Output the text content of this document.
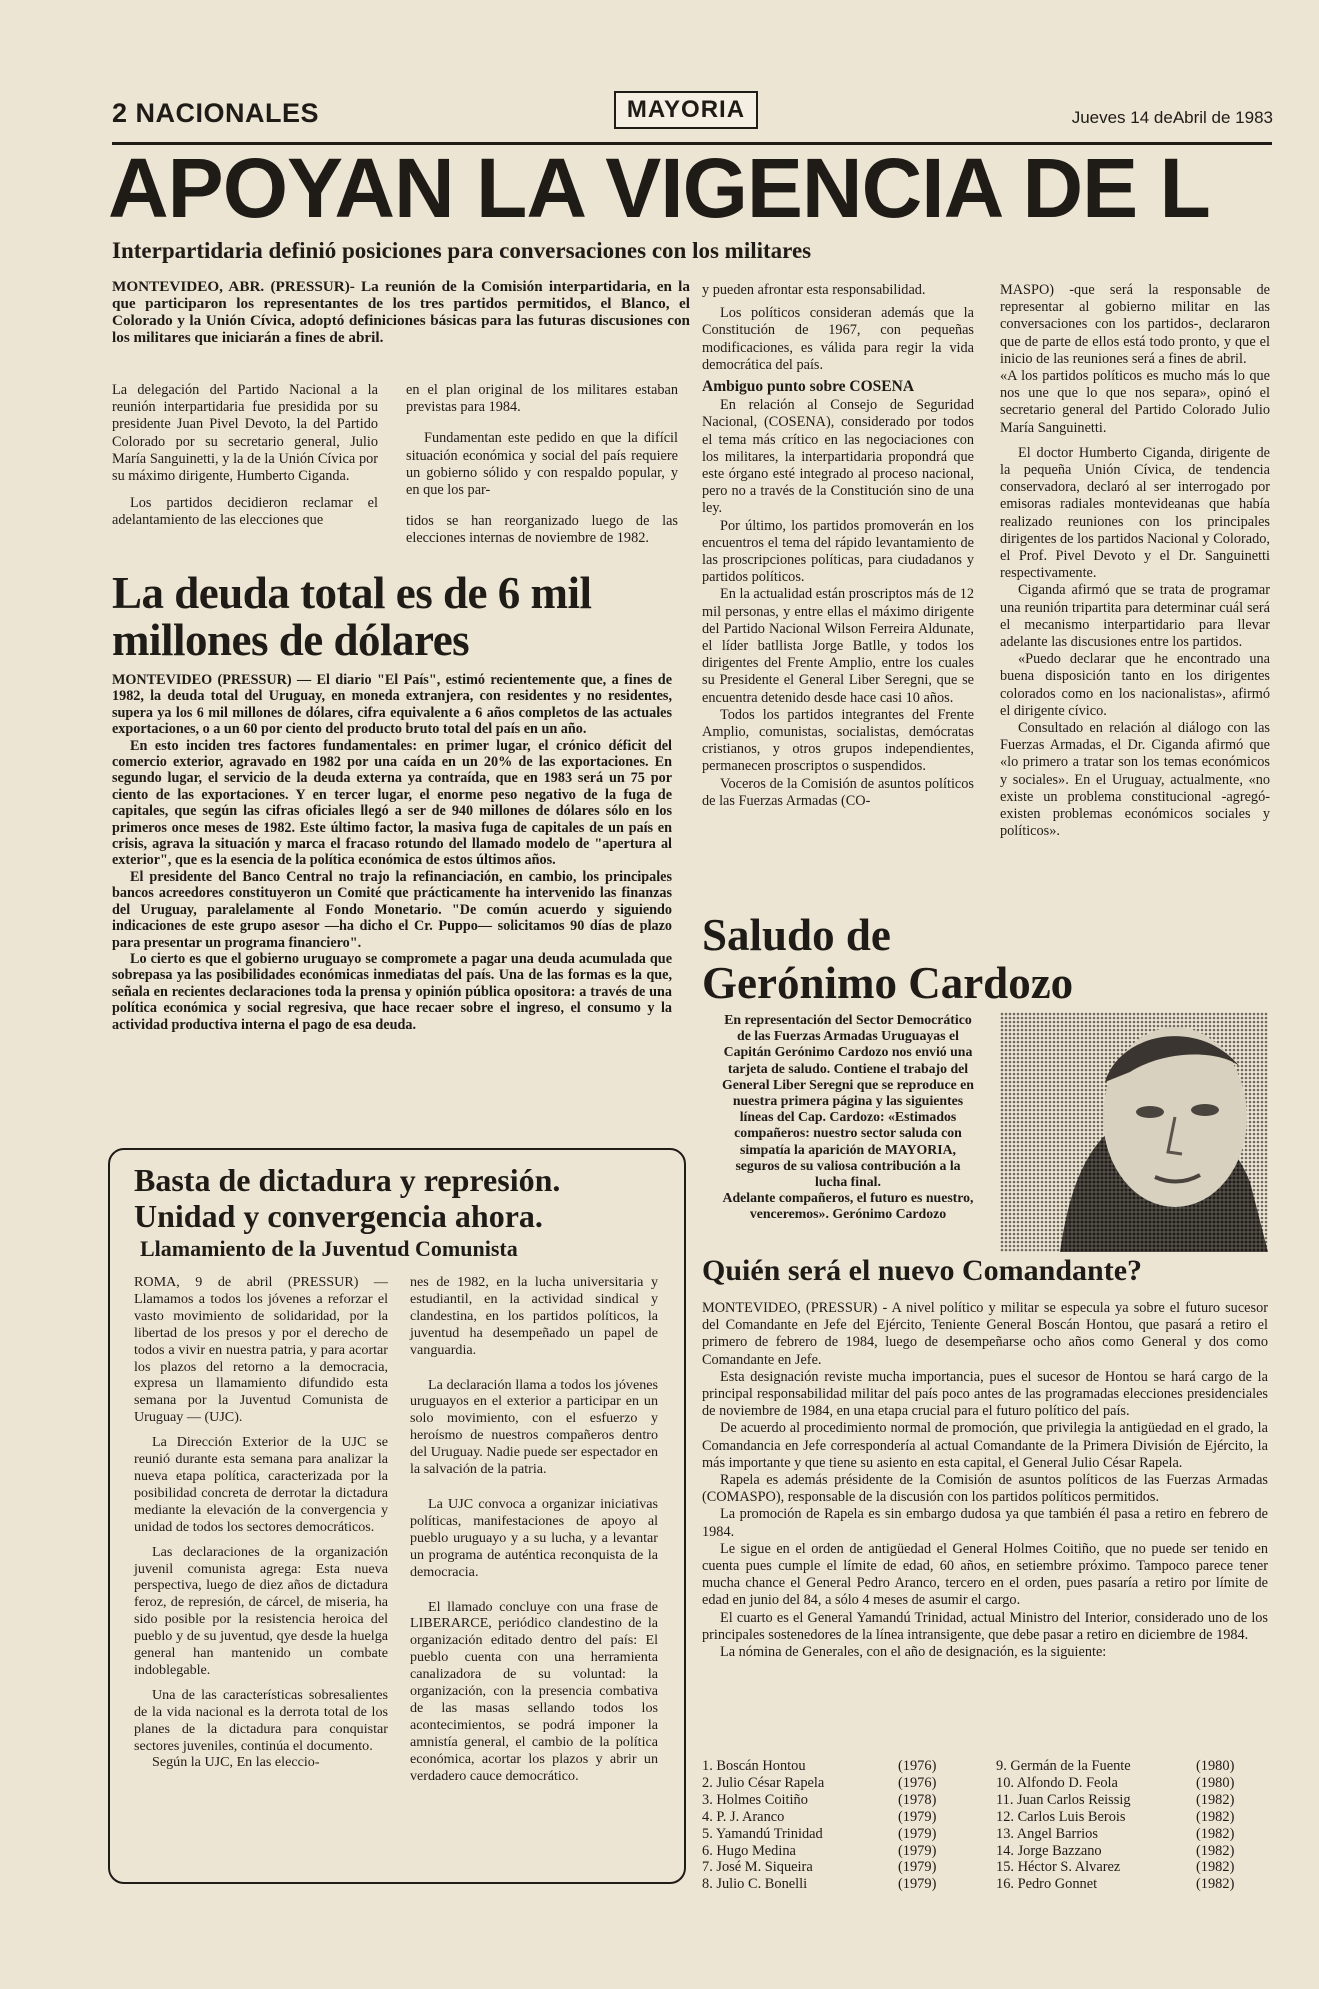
2 NACIONALES	MAYORIA	Jueves 14 deAbril de 1983
APOYAN LA VIGENCIA DE L
Interpartidaria definió posiciones para conversaciones con los militares
MONTEVIDEO, ABR. (PRESSUR)- La reunión de la Comisión interpartidaria, en la que participaron los representantes de los tres partidos permitidos, el Blanco, el Colorado y la Unión Cívica, adoptó definiciones básicas para las futuras discusiones con los militares que iniciarán a fines de abril.

La delegación del Partido Nacional a la reunión interpartidaria fue presidida por su presidente Juan Pivel Devoto, la del Partido Colorado por su secretario general, Julio María Sanguinetti, y la de la Unión Cívica por su máximo dirigente, Humberto Ciganda.

Los partidos decidieron reclamar el adelantamiento de las elecciones que

en el plan original de los militares estaban previstas para 1984.

Fundamentan este pedido en que la difícil situación económica y social del país requiere un gobierno sólido y con respaldo popular, y en que los par-

tidos se han reorganizado luego de las elecciones internas de noviembre de 1982.

y pueden afrontar esta responsabilidad.

Los políticos consideran además que la Constitución de 1967, con pequeñas modificaciones, es válida para regir la vida democrática del país.

Ambiguo punto sobre COSENA

En relación al Consejo de Seguridad Nacional, (COSENA), considerado por todos el tema más crítico en las negociaciones con los militares, la interpartidaria propondrá que este órgano esté integrado al proceso nacional, pero no a través de la Constitución sino de una ley.

Por último, los partidos promoverán en los encuentros el tema del rápido levantamiento de las proscripciones políticas, para ciudadanos y partidos políticos.

En la actualidad están proscriptos más de 12 mil personas, y entre ellas el máximo dirigente del Partido Nacional Wilson Ferreira Aldunate, el líder batllista Jorge Batlle, y todos los dirigentes del Frente Amplio, entre los cuales su Presidente el General Liber Seregni, que se encuentra detenido desde hace casi 10 años.

Todos los partidos integrantes del Frente Amplio, comunistas, socialistas, demócratas cristianos, y otros grupos independientes, permanecen proscriptos o suspendidos.

Voceros de la Comisión de asuntos políticos de las Fuerzas Armadas (CO-

MASPO) -que será la responsable de representar al gobierno militar en las conversaciones con los partidos-, declararon que de parte de ellos está todo pronto, y que el inicio de las reuniones será a fines de abril.

«A los partidos políticos es mucho más lo que nos une que lo que nos separa», opinó el secretario general del Partido Colorado Julio María Sanguinetti.

El doctor Humberto Ciganda, dirigente de la pequeña Unión Cívica, de tendencia conservadora, declaró al ser interrogado por emisoras radiales montevideanas que había realizado reuniones con los principales dirigentes de los partidos Nacional y Colorado, el Prof. Pivel Devoto y el Dr. Sanguinetti respectivamente.

Ciganda afirmó que se trata de programar una reunión tripartita para determinar cuál será el mecanismo interpartidario para llevar adelante las discusiones entre los partidos.

«Puedo declarar que he encontrado una buena disposición tanto en los dirigentes colorados como en los nacionalistas», afirmó el dirigente cívico.

Consultado en relación al diálogo con las Fuerzas Armadas, el Dr. Ciganda afirmó que «lo primero a tratar son los temas económicos y sociales». En el Uruguay, actualmente, «no existe un problema constitucional -agregó- existen problemas económicos sociales y políticos».

La deuda total es de 6 mil millones de dólares

MONTEVIDEO (PRESSUR) — El diario "El País", estimó recientemente que, a fines de 1982, la deuda total del Uruguay, en moneda extranjera, con residentes y no residentes, supera ya los 6 mil millones de dólares, cifra equivalente a 6 años completos de las actuales exportaciones, o a un 60 por ciento del producto bruto total del país en un año.

En esto inciden tres factores fundamentales: en primer lugar, el crónico déficit del comercio exterior, agravado en 1982 por una caída en un 20% de las exportaciones. En segundo lugar, el servicio de la deuda externa ya contraída, que en 1983 será un 75 por ciento de las exportaciones. Y en tercer lugar, el enorme peso negativo de la fuga de capitales, que según las cifras oficiales llegó a ser de 940 millones de dólares sólo en los primeros once meses de 1982. Este último factor, la masiva fuga de capitales de un país en crisis, agrava la situación y marca el fracaso rotundo del llamado modelo de "apertura al exterior", que es la esencia de la política económica de estos últimos años.

El presidente del Banco Central no trajo la refinanciación, en cambio, los principales bancos acreedores constituyeron un Comité que prácticamente ha intervenido las finanzas del Uruguay, paralelamente al Fondo Monetario. "De común acuerdo y siguiendo indicaciones de este grupo asesor —ha dicho el Cr. Puppo— solicitamos 90 días de plazo para presentar un programa financiero".

Lo cierto es que el gobierno uruguayo se compromete a pagar una deuda acumulada que sobrepasa ya las posibilidades económicas inmediatas del país. Una de las formas es la que, señala en recientes declaraciones toda la prensa y opinión pública opositora: a través de una política económica y social regresiva, que hace recaer sobre el ingreso, el consumo y la actividad productiva interna el pago de esa deuda.

Basta de dictadura y represión.
Unidad y convergencia ahora.
Llamamiento de la Juventud Comunista

ROMA, 9 de abril (PRESSUR) — Llamamos a todos los jóvenes a reforzar el vasto movimiento de solidaridad, por la libertad de los presos y por el derecho de todos a vivir en nuestra patria, y para acortar los plazos del retorno a la democracia, expresa un llamamiento difundido esta semana por la Juventud Comunista de Uruguay — (UJC).

La Dirección Exterior de la UJC se reunió durante esta semana para analizar la nueva etapa política, caracterizada por la posibilidad concreta de derrotar la dictadura mediante la elevación de la convergencia y unidad de todos los sectores democráticos.

Las declaraciones de la organización juvenil comunista agrega: Esta nueva perspectiva, luego de diez años de dictadura feroz, de represión, de cárcel, de miseria, ha sido posible por la resistencia heroica del pueblo y de su juventud, qye desde la huelga general han mantenido un combate indoblegable.

Una de las características sobresalientes de la vida nacional es la derrota total de los planes de la dictadura para conquistar sectores juveniles, continúa el documento.

Según la UJC, En las eleccio-

nes de 1982, en la lucha universitaria y estudiantil, en la actividad sindical y clandestina, en los partidos políticos, la juventud ha desempeñado un papel de vanguardia.

La declaración llama a todos los jóvenes uruguayos en el exterior a participar en un solo movimiento, con el esfuerzo y heroísmo de nuestros compañeros dentro del Uruguay. Nadie puede ser espectador en la salvación de la patria.

La UJC convoca a organizar iniciativas políticas, manifestaciones de apoyo al pueblo uruguayo y a su lucha, y a levantar un programa de auténtica reconquista de la democracia.

El llamado concluye con una frase de LIBERARCE, periódico clandestino de la organización editado dentro del país: El pueblo cuenta con una herramienta canalizadora de su voluntad: la organización, con la presencia combativa de las masas sellando todos los acontecimientos, se podrá imponer la amnistía general, el cambio de la política económica, acortar los plazos y abrir un verdadero cauce democrático.

Saludo de
Gerónimo Cardozo

En representación del Sector Democrático de las Fuerzas Armadas Uruguayas el Capitán Gerónimo Cardozo nos envió una tarjeta de saludo. Contiene el trabajo del General Liber Seregni que se reproduce en nuestra primera página y las siguientes líneas del Cap. Cardozo: «Estimados compañeros: nuestro sector saluda con simpatía la aparición de MAYORIA, seguros de su valiosa contribución a la lucha final.

Adelante compañeros, el futuro es nuestro, venceremos». Gerónimo Cardozo

Quién será el nuevo Comandante?

MONTEVIDEO, (PRESSUR) - A nivel político y militar se especula ya sobre el futuro sucesor del Comandante en Jefe del Ejército, Teniente General Boscán Hontou, que pasará a retiro el primero de febrero de 1984, luego de desempeñarse ocho años como General y dos como Comandante en Jefe.

Esta designación reviste mucha importancia, pues el sucesor de Hontou se hará cargo de la principal responsabilidad militar del país poco antes de las programadas elecciones presidenciales de noviembre de 1984, en una etapa crucial para el futuro político del país.

De acuerdo al procedimiento normal de promoción, que privilegia la antigüedad en el grado, la Comandancia en Jefe correspondería al actual Comandante de la Primera División de Ejército, la más importante y que tiene su asiento en esta capital, el General Julio César Rapela.

Rapela es además présidente de la Comisión de asuntos políticos de las Fuerzas Armadas (COMASPO), responsable de la discusión con los partidos políticos permitidos.

La promoción de Rapela es sin embargo dudosa ya que también él pasa a retiro en febrero de 1984.

Le sigue en el orden de antigüedad el General Holmes Coitiño, que no puede ser tenido en cuenta pues cumple el límite de edad, 60 años, en setiembre próximo. Tampoco parece tener mucha chance el General Pedro Aranco, tercero en el orden, pues pasaría a retiro por límite de edad en junio del 84, a sólo 4 meses de asumir el cargo.

El cuarto es el General Yamandú Trinidad, actual Ministro del Interior, considerado uno de los principales sostenedores de la línea intransigente, que debe pasar a retiro en diciembre de 1984.

La nómina de Generales, con el año de designación, es la siguiente:

1. Boscán Hontou	(1976)
2. Julio César Rapela	(1976)
3. Holmes Coitiño	(1978)
4. P. J. Aranco	(1979)
5. Yamandú Trinidad	(1979)
6. Hugo Medina	(1979)
7. José M. Siqueira	(1979)
8. Julio C. Bonelli	(1979)
9. Germán de la Fuente	(1980)
10. Alfondo D. Feola	(1980)
11. Juan Carlos Reissig	(1982)
12. Carlos Luis Berois	(1982)
13. Angel Barrios	(1982)
14. Jorge Bazzano	(1982)
15. Héctor S. Alvarez	(1982)
16. Pedro Gonnet	(1982)
